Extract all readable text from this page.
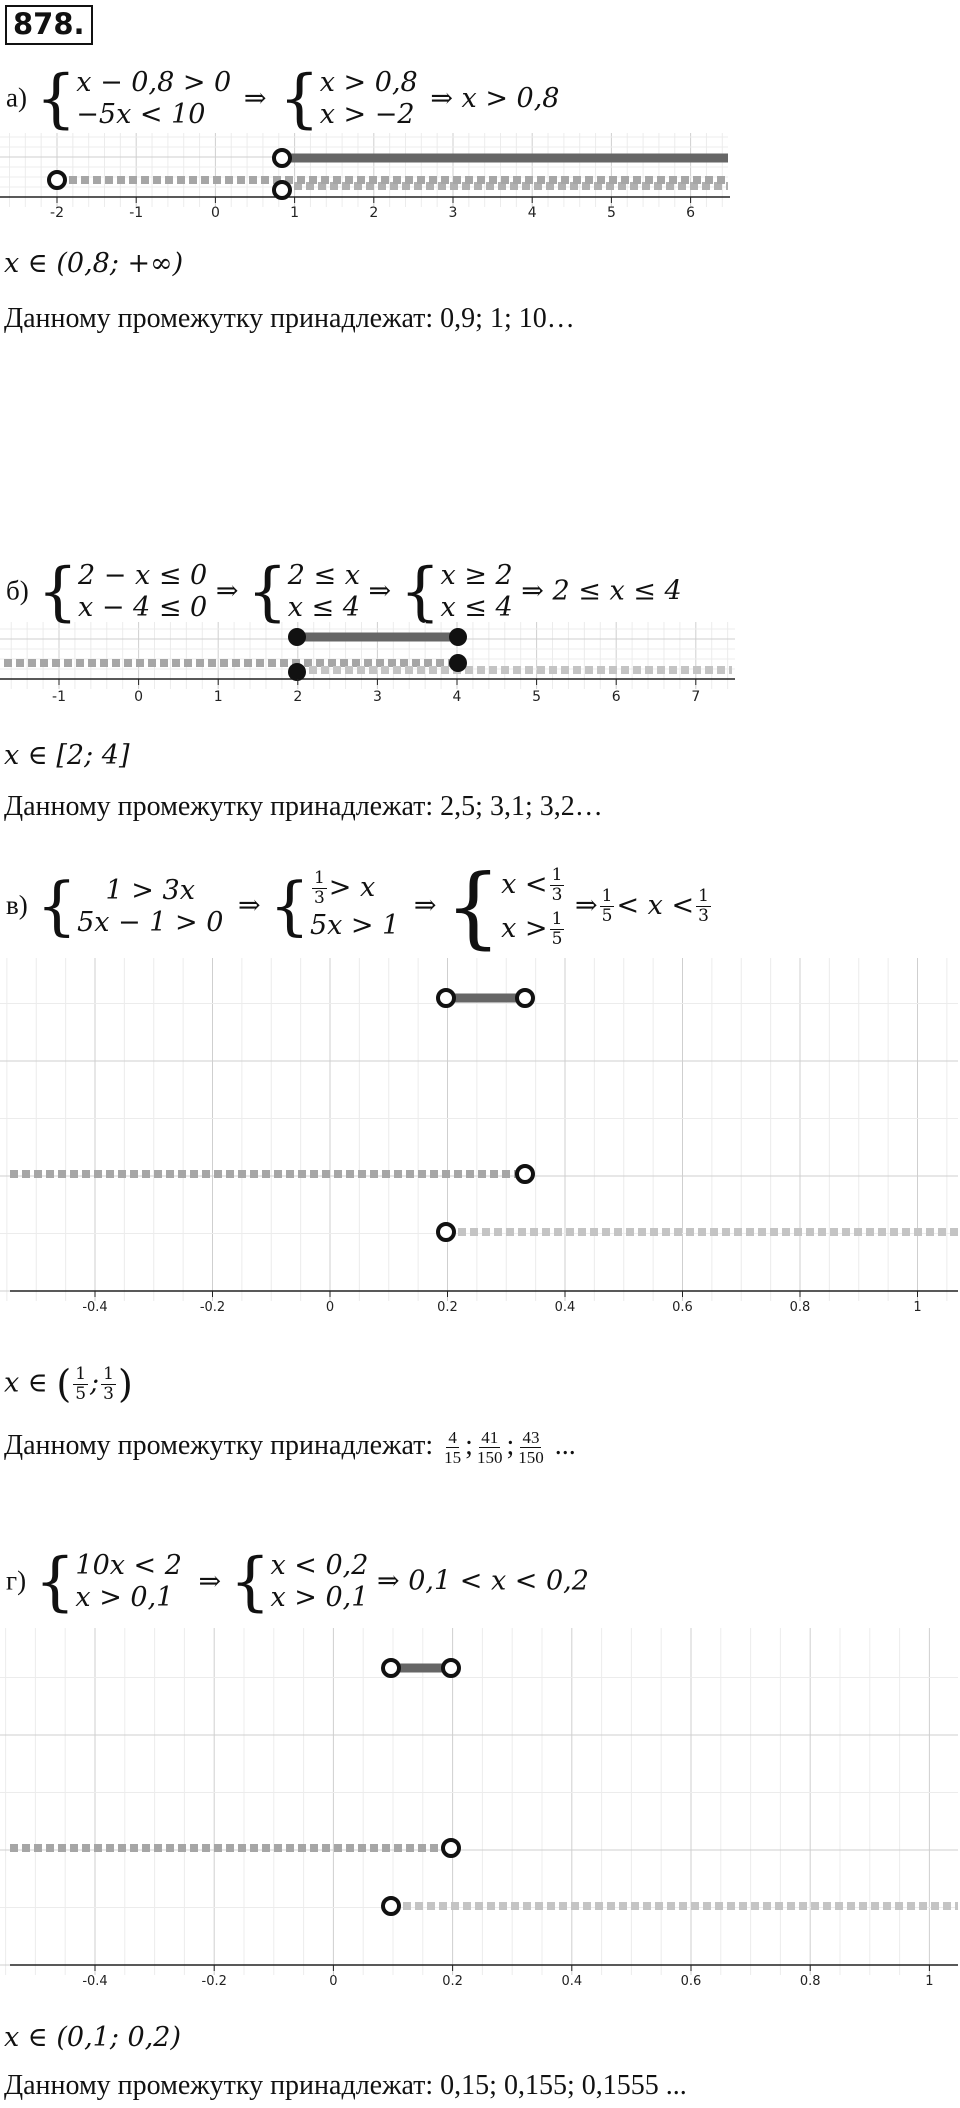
878.
а) { x − 0,8 > 0
−5x < 10
⇒ { x > 0,8
x > −2
⇒ x > 0,8
-2	-1	0	1	2	3	4	5	6
x ∈ (0,8; +∞)
Данному промежутку принадлежат: 0,9; 1; 10…
б) { 2 − x ≤ 0
x − 4 ≤ 0
⇒ { 2 ≤ x
x ≤ 4
⇒ { x ≥ 2
x ≤ 4
⇒ 2 ≤ x ≤ 4
-1	0	1	2	3	4	5	6	7
x ∈ [2; 4]
Данному промежутку принадлежат: 2,5; 3,1; 3,2…
в) {	1 > 3x
5x − 1 > 0
⇒ { $\frac{1}{3} > x$
5x > 1
⇒ { $x < \frac{1}{3}$
$x > \frac{1}{5}$
⇒ $\frac{1}{5} < x < \frac{1}{3}$
-0.4	-0.2	0	0.2	0.4	0.6	0.8	1
x ∈ ( $\frac{1}{5}$ ; $\frac{1}{3}$ )
Данному промежутку принадлежат: $\frac{4}{15}$ ; $\frac{41}{150}$ ; $\frac{43}{150}$ ...
г) { 10x < 2
x > 0,1
⇒ { x < 0,2
x > 0,1
⇒ 0,1 < x < 0,2
-0.4	-0.2	0	0.2	0.4	0.6	0.8	1
x ∈ (0,1; 0,2)
Данному промежутку принадлежат: 0,15; 0,155; 0,1555 ...
